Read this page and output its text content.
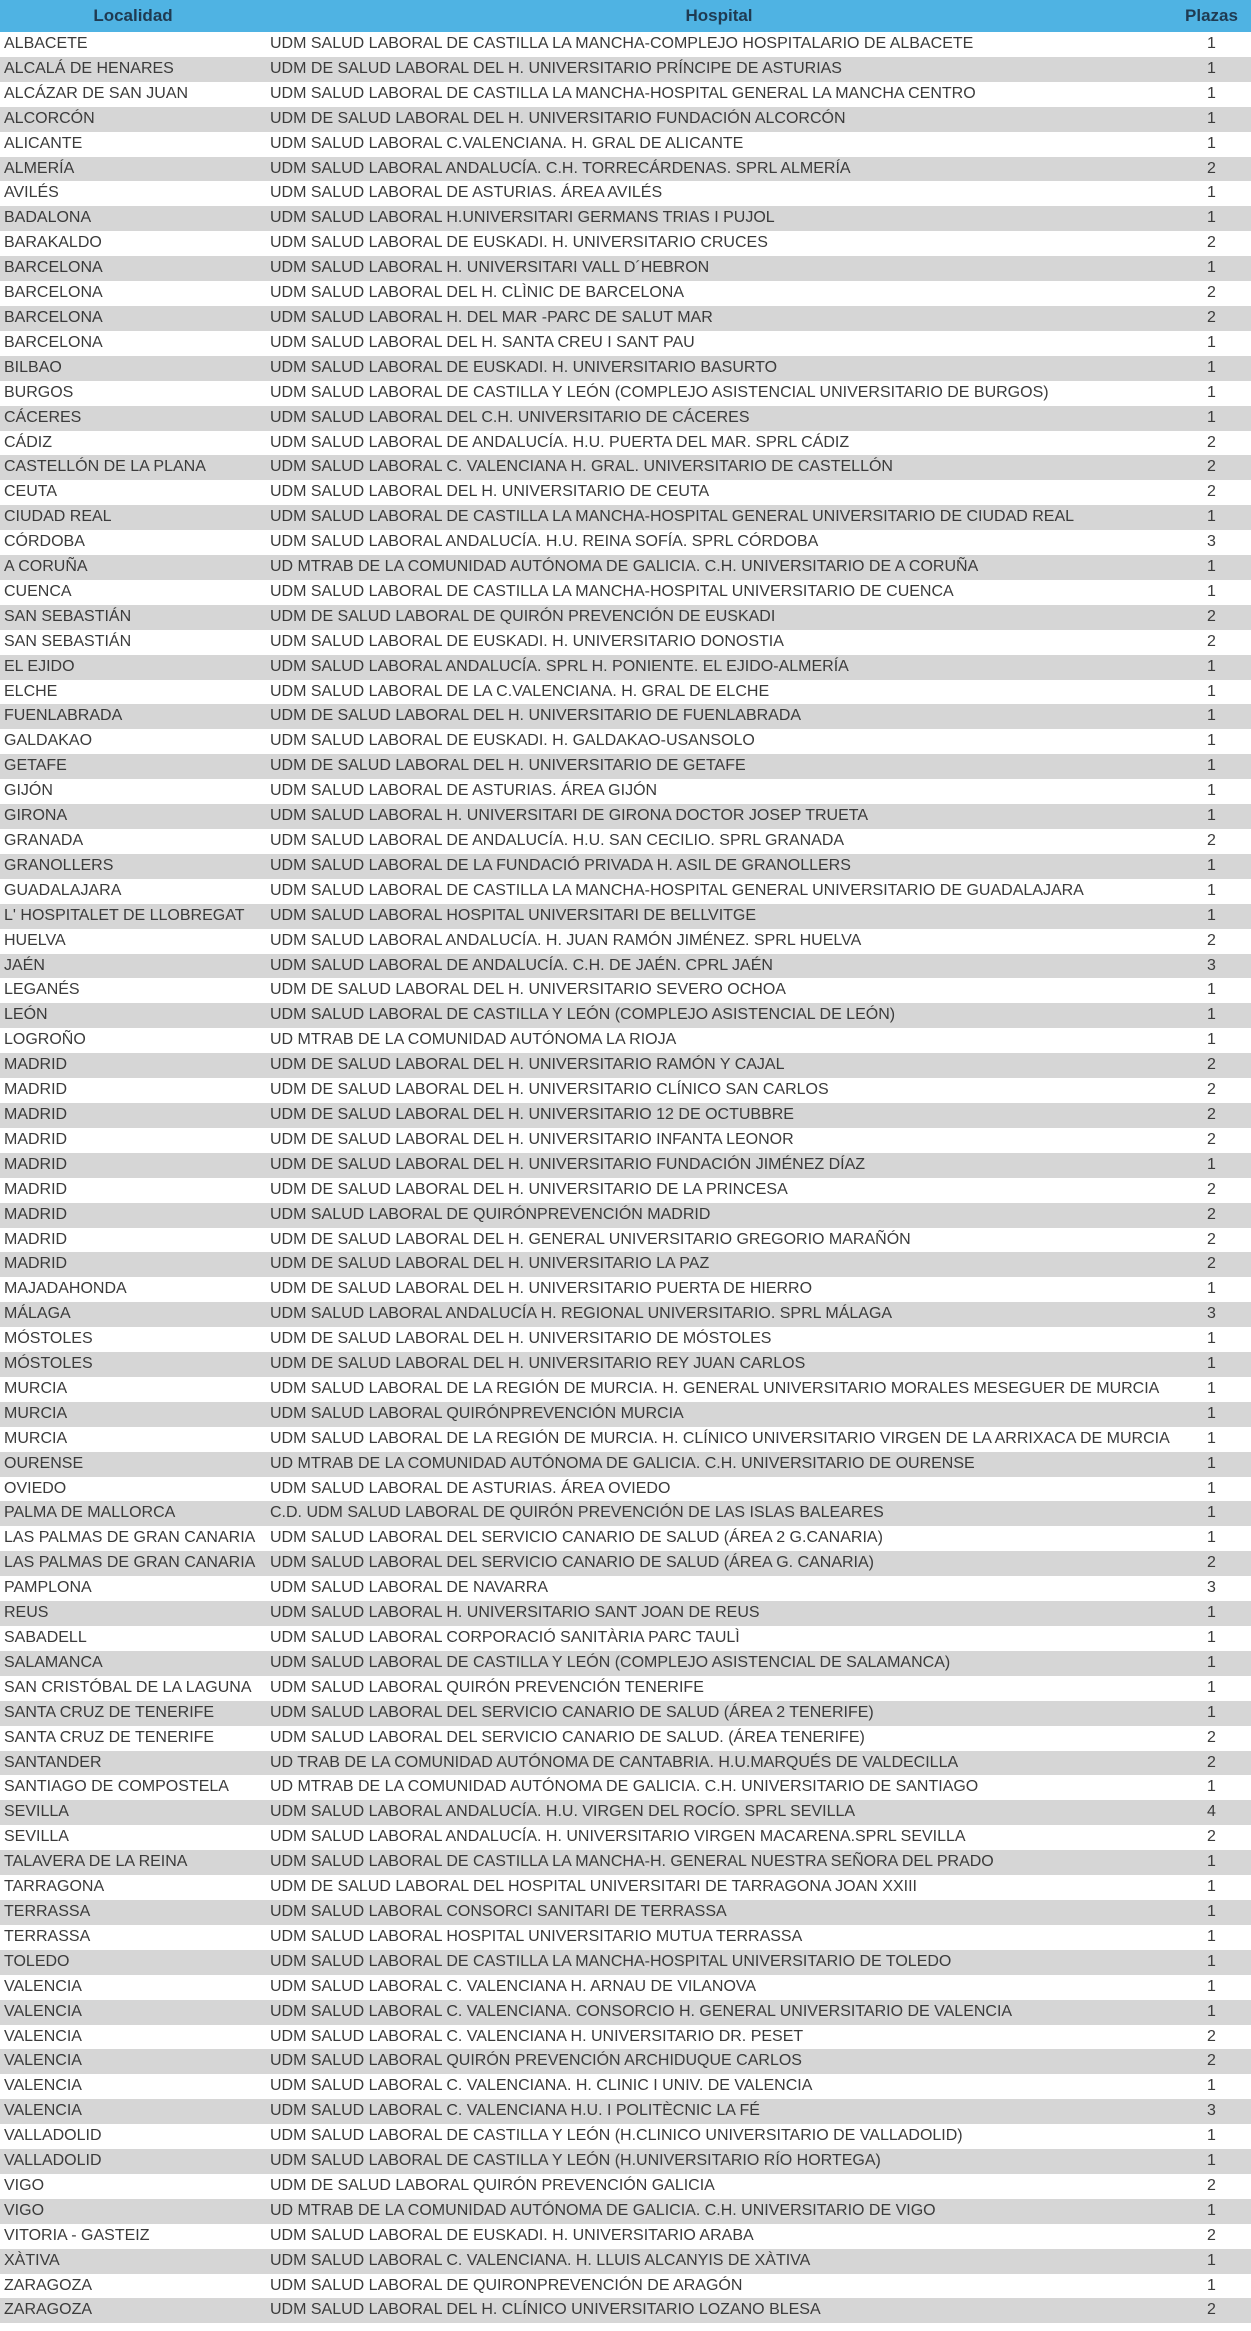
Localidad	Hospital	Plazas
ALBACETE	UDM SALUD LABORAL DE CASTILLA LA MANCHA-COMPLEJO HOSPITALARIO DE ALBACETE	1
ALCALÁ DE HENARES	UDM DE SALUD LABORAL DEL H. UNIVERSITARIO PRÍNCIPE DE ASTURIAS	1
ALCÁZAR DE SAN JUAN	UDM SALUD LABORAL DE CASTILLA LA MANCHA-HOSPITAL GENERAL LA MANCHA CENTRO	1
ALCORCÓN	UDM DE SALUD LABORAL DEL H. UNIVERSITARIO FUNDACIÓN ALCORCÓN	1
ALICANTE	UDM SALUD LABORAL C.VALENCIANA. H. GRAL DE ALICANTE	1
ALMERÍA	UDM SALUD LABORAL ANDALUCÍA. C.H. TORRECÁRDENAS. SPRL ALMERÍA	2
AVILÉS	UDM SALUD LABORAL DE ASTURIAS. ÁREA AVILÉS	1
BADALONA	UDM SALUD LABORAL H.UNIVERSITARI GERMANS TRIAS I PUJOL	1
BARAKALDO	UDM SALUD LABORAL DE EUSKADI. H. UNIVERSITARIO CRUCES	2
BARCELONA	UDM SALUD LABORAL H. UNIVERSITARI VALL D´HEBRON	1
BARCELONA	UDM SALUD LABORAL DEL H. CLÌNIC DE BARCELONA	2
BARCELONA	UDM SALUD LABORAL H. DEL MAR -PARC DE SALUT MAR	2
BARCELONA	UDM SALUD LABORAL DEL H. SANTA CREU I SANT PAU	1
BILBAO	UDM SALUD LABORAL DE EUSKADI. H. UNIVERSITARIO BASURTO	1
BURGOS	UDM SALUD LABORAL DE CASTILLA Y LEÓN (COMPLEJO ASISTENCIAL UNIVERSITARIO DE BURGOS)	1
CÁCERES	UDM SALUD LABORAL DEL C.H. UNIVERSITARIO DE CÁCERES	1
CÁDIZ	UDM SALUD LABORAL DE ANDALUCÍA. H.U. PUERTA DEL MAR. SPRL CÁDIZ	2
CASTELLÓN DE LA PLANA	UDM SALUD LABORAL C. VALENCIANA H. GRAL. UNIVERSITARIO DE CASTELLÓN	2
CEUTA	UDM SALUD LABORAL DEL H. UNIVERSITARIO DE CEUTA	2
CIUDAD REAL	UDM SALUD LABORAL DE CASTILLA LA MANCHA-HOSPITAL GENERAL UNIVERSITARIO DE CIUDAD REAL	1
CÓRDOBA	UDM SALUD LABORAL ANDALUCÍA. H.U. REINA SOFÍA. SPRL CÓRDOBA	3
A CORUÑA	UD MTRAB DE LA COMUNIDAD AUTÓNOMA DE GALICIA. C.H. UNIVERSITARIO DE A CORUÑA	1
CUENCA	UDM SALUD LABORAL DE CASTILLA LA MANCHA-HOSPITAL UNIVERSITARIO DE CUENCA	1
SAN SEBASTIÁN	UDM DE SALUD LABORAL DE QUIRÓN PREVENCIÓN DE EUSKADI	2
SAN SEBASTIÁN	UDM SALUD LABORAL DE EUSKADI. H. UNIVERSITARIO DONOSTIA	2
EL EJIDO	UDM SALUD LABORAL ANDALUCÍA. SPRL H. PONIENTE. EL EJIDO-ALMERÍA	1
ELCHE	UDM SALUD LABORAL DE LA C.VALENCIANA. H. GRAL DE ELCHE	1
FUENLABRADA	UDM DE SALUD LABORAL DEL H. UNIVERSITARIO DE FUENLABRADA	1
GALDAKAO	UDM SALUD LABORAL DE EUSKADI. H. GALDAKAO-USANSOLO	1
GETAFE	UDM DE SALUD LABORAL DEL H. UNIVERSITARIO DE GETAFE	1
GIJÓN	UDM SALUD LABORAL DE ASTURIAS. ÁREA GIJÓN	1
GIRONA	UDM SALUD LABORAL H. UNIVERSITARI DE GIRONA DOCTOR JOSEP TRUETA	1
GRANADA	UDM SALUD LABORAL DE ANDALUCÍA. H.U. SAN CECILIO. SPRL GRANADA	2
GRANOLLERS	UDM SALUD LABORAL DE LA FUNDACIÓ PRIVADA H. ASIL DE GRANOLLERS	1
GUADALAJARA	UDM SALUD LABORAL DE CASTILLA LA MANCHA-HOSPITAL GENERAL UNIVERSITARIO DE GUADALAJARA	1
L' HOSPITALET DE LLOBREGAT	UDM SALUD LABORAL HOSPITAL UNIVERSITARI DE BELLVITGE	1
HUELVA	UDM SALUD LABORAL ANDALUCÍA. H. JUAN RAMÓN JIMÉNEZ. SPRL HUELVA	2
JAÉN	UDM SALUD LABORAL DE ANDALUCÍA. C.H. DE JAÉN. CPRL JAÉN	3
LEGANÉS	UDM DE SALUD LABORAL DEL H. UNIVERSITARIO SEVERO OCHOA	1
LEÓN	UDM SALUD LABORAL DE CASTILLA Y LEÓN (COMPLEJO ASISTENCIAL DE LEÓN)	1
LOGROÑO	UD MTRAB DE LA COMUNIDAD AUTÓNOMA LA RIOJA	1
MADRID	UDM DE SALUD LABORAL DEL H. UNIVERSITARIO RAMÓN Y CAJAL	2
MADRID	UDM DE SALUD LABORAL DEL H. UNIVERSITARIO CLÍNICO SAN CARLOS	2
MADRID	UDM DE SALUD LABORAL DEL H. UNIVERSITARIO 12 DE OCTUBBRE	2
MADRID	UDM DE SALUD LABORAL DEL H. UNIVERSITARIO INFANTA LEONOR	2
MADRID	UDM DE SALUD LABORAL DEL H. UNIVERSITARIO FUNDACIÓN JIMÉNEZ DÍAZ	1
MADRID	UDM DE SALUD LABORAL DEL H. UNIVERSITARIO DE LA PRINCESA	2
MADRID	UDM SALUD LABORAL DE QUIRÓNPREVENCIÓN MADRID	2
MADRID	UDM DE SALUD LABORAL DEL H. GENERAL UNIVERSITARIO GREGORIO MARAÑÓN	2
MADRID	UDM DE SALUD LABORAL DEL H. UNIVERSITARIO LA PAZ	2
MAJADAHONDA	UDM DE SALUD LABORAL DEL H. UNIVERSITARIO PUERTA DE HIERRO	1
MÁLAGA	UDM SALUD LABORAL ANDALUCÍA H. REGIONAL UNIVERSITARIO. SPRL MÁLAGA	3
MÓSTOLES	UDM DE SALUD LABORAL DEL H. UNIVERSITARIO DE MÓSTOLES	1
MÓSTOLES	UDM DE SALUD LABORAL DEL H. UNIVERSITARIO REY JUAN CARLOS	1
MURCIA	UDM SALUD LABORAL DE LA REGIÓN DE MURCIA. H. GENERAL UNIVERSITARIO MORALES MESEGUER DE MURCIA	1
MURCIA	UDM SALUD LABORAL QUIRÓNPREVENCIÓN MURCIA	1
MURCIA	UDM SALUD LABORAL DE LA REGIÓN DE MURCIA. H. CLÍNICO UNIVERSITARIO VIRGEN DE LA ARRIXACA DE MURCIA	1
OURENSE	UD MTRAB DE LA COMUNIDAD AUTÓNOMA DE GALICIA. C.H. UNIVERSITARIO DE OURENSE	1
OVIEDO	UDM SALUD LABORAL DE ASTURIAS. ÁREA OVIEDO	1
PALMA DE MALLORCA	C.D. UDM SALUD LABORAL DE QUIRÓN PREVENCIÓN DE LAS ISLAS BALEARES	1
LAS PALMAS DE GRAN CANARIA	UDM SALUD LABORAL DEL SERVICIO CANARIO DE SALUD (ÁREA 2 G.CANARIA)	1
LAS PALMAS DE GRAN CANARIA	UDM SALUD LABORAL DEL SERVICIO CANARIO DE SALUD (ÁREA G. CANARIA)	2
PAMPLONA	UDM SALUD LABORAL DE NAVARRA	3
REUS	UDM SALUD LABORAL H. UNIVERSITARIO SANT JOAN DE REUS	1
SABADELL	UDM SALUD LABORAL CORPORACIÓ SANITÀRIA PARC TAULÌ	1
SALAMANCA	UDM SALUD LABORAL DE CASTILLA Y LEÓN (COMPLEJO ASISTENCIAL DE SALAMANCA)	1
SAN CRISTÓBAL DE LA LAGUNA	UDM SALUD LABORAL QUIRÓN PREVENCIÓN TENERIFE	1
SANTA CRUZ DE TENERIFE	UDM SALUD LABORAL DEL SERVICIO CANARIO DE SALUD (ÁREA 2 TENERIFE)	1
SANTA CRUZ DE TENERIFE	UDM SALUD LABORAL DEL SERVICIO CANARIO DE SALUD. (ÁREA TENERIFE)	2
SANTANDER	UD TRAB DE LA COMUNIDAD AUTÓNOMA DE CANTABRIA. H.U.MARQUÉS DE VALDECILLA	2
SANTIAGO DE COMPOSTELA	UD MTRAB DE LA COMUNIDAD AUTÓNOMA DE GALICIA. C.H. UNIVERSITARIO DE SANTIAGO	1
SEVILLA	UDM SALUD LABORAL ANDALUCÍA. H.U. VIRGEN DEL ROCÍO. SPRL SEVILLA	4
SEVILLA	UDM SALUD LABORAL ANDALUCÍA. H. UNIVERSITARIO VIRGEN MACARENA.SPRL SEVILLA	2
TALAVERA DE LA REINA	UDM SALUD LABORAL DE CASTILLA LA MANCHA-H. GENERAL NUESTRA SEÑORA DEL PRADO	1
TARRAGONA	UDM DE SALUD LABORAL DEL HOSPITAL UNIVERSITARI DE TARRAGONA JOAN XXIII	1
TERRASSA	UDM SALUD LABORAL CONSORCI SANITARI DE TERRASSA	1
TERRASSA	UDM SALUD LABORAL HOSPITAL UNIVERSITARIO MUTUA TERRASSA	1
TOLEDO	UDM SALUD LABORAL DE CASTILLA LA MANCHA-HOSPITAL UNIVERSITARIO DE TOLEDO	1
VALENCIA	UDM SALUD LABORAL C. VALENCIANA H. ARNAU DE VILANOVA	1
VALENCIA	UDM SALUD LABORAL C. VALENCIANA. CONSORCIO H. GENERAL UNIVERSITARIO DE VALENCIA	1
VALENCIA	UDM SALUD LABORAL C. VALENCIANA H. UNIVERSITARIO DR. PESET	2
VALENCIA	UDM SALUD LABORAL QUIRÓN PREVENCIÓN ARCHIDUQUE CARLOS	2
VALENCIA	UDM SALUD LABORAL C. VALENCIANA. H. CLINIC I UNIV. DE VALENCIA	1
VALENCIA	UDM SALUD LABORAL C. VALENCIANA H.U. I POLITÈCNIC LA FÉ	3
VALLADOLID	UDM SALUD LABORAL DE CASTILLA Y LEÓN (H.CLINICO UNIVERSITARIO DE VALLADOLID)	1
VALLADOLID	UDM SALUD LABORAL DE CASTILLA Y LEÓN (H.UNIVERSITARIO RÍO HORTEGA)	1
VIGO	UDM DE SALUD LABORAL QUIRÓN PREVENCIÓN GALICIA	2
VIGO	UD MTRAB DE LA COMUNIDAD AUTÓNOMA DE GALICIA. C.H. UNIVERSITARIO DE VIGO	1
VITORIA - GASTEIZ	UDM SALUD LABORAL DE EUSKADI. H. UNIVERSITARIO ARABA	2
XÀTIVA	UDM SALUD LABORAL C. VALENCIANA. H. LLUIS ALCANYIS DE XÀTIVA	1
ZARAGOZA	UDM SALUD LABORAL DE QUIRONPREVENCIÓN DE ARAGÓN	1
ZARAGOZA	UDM SALUD LABORAL DEL H. CLÍNICO UNIVERSITARIO LOZANO BLESA	2
